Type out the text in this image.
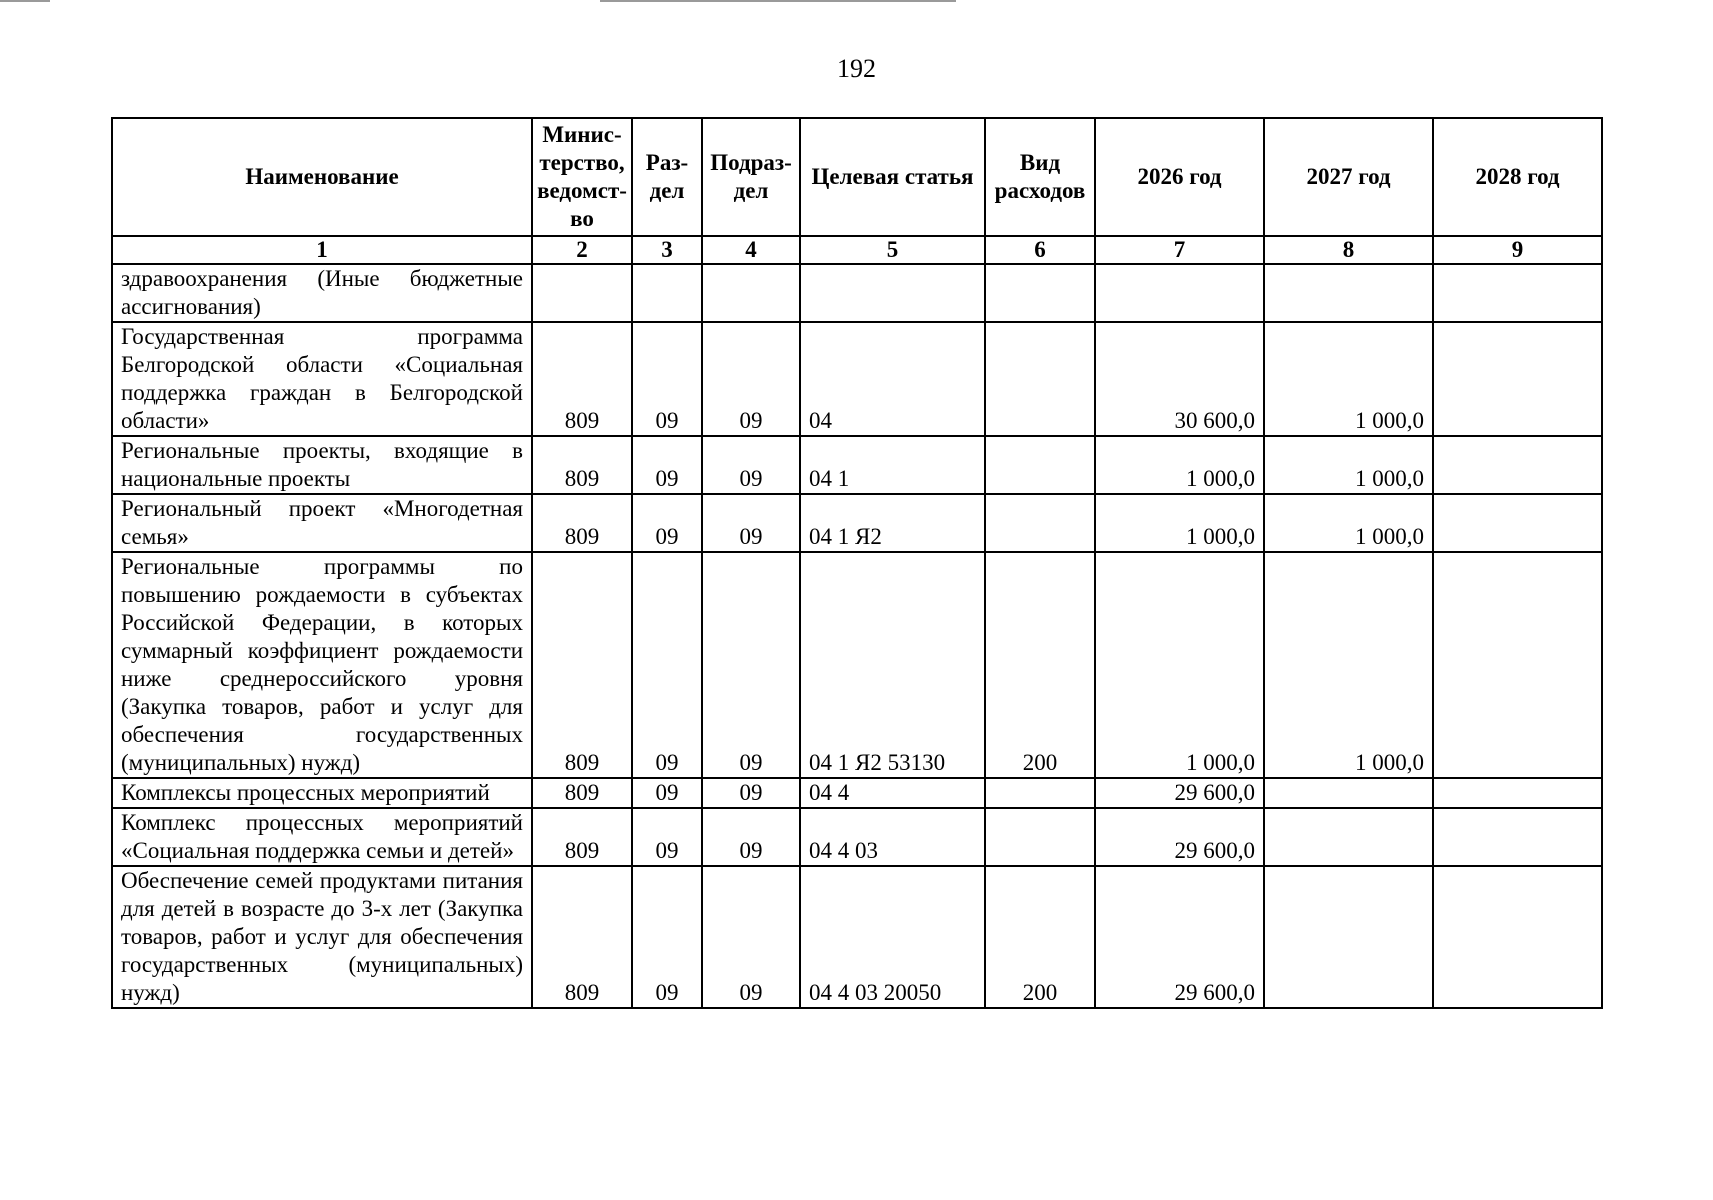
192
Наименование	Минис-терство, ведомст-во	Раз-дел	Подраз-дел	Целевая статья	Вид расходов	2026 год	2027 год	2028 год
1	2	3	4	5	6	7	8	9
здравоохранения (Иные бюджетные ассигнования)								
Государственная программа Белгородской области «Социальная поддержка граждан в Белгородской области»	809	09	09	04		30 600,0	1 000,0	
Региональные проекты, входящие в национальные проекты	809	09	09	04 1		1 000,0	1 000,0	
Региональный проект «Многодетная семья»	809	09	09	04 1 Я2		1 000,0	1 000,0	
Региональные программы по повышению рождаемости в субъектах Российской Федерации, в которых суммарный коэффициент рождаемости ниже среднероссийского уровня (Закупка товаров, работ и услуг для обеспечения государственных (муниципальных) нужд)	809	09	09	04 1 Я2 53130	200	1 000,0	1 000,0	
Комплексы процессных мероприятий	809	09	09	04 4		29 600,0		
Комплекс процессных мероприятий «Социальная поддержка семьи и детей»	809	09	09	04 4 03		29 600,0		
Обеспечение семей продуктами питания для детей в возрасте до 3-х лет (Закупка товаров, работ и услуг для обеспечения государственных (муниципальных) нужд)	809	09	09	04 4 03 20050	200	29 600,0		
